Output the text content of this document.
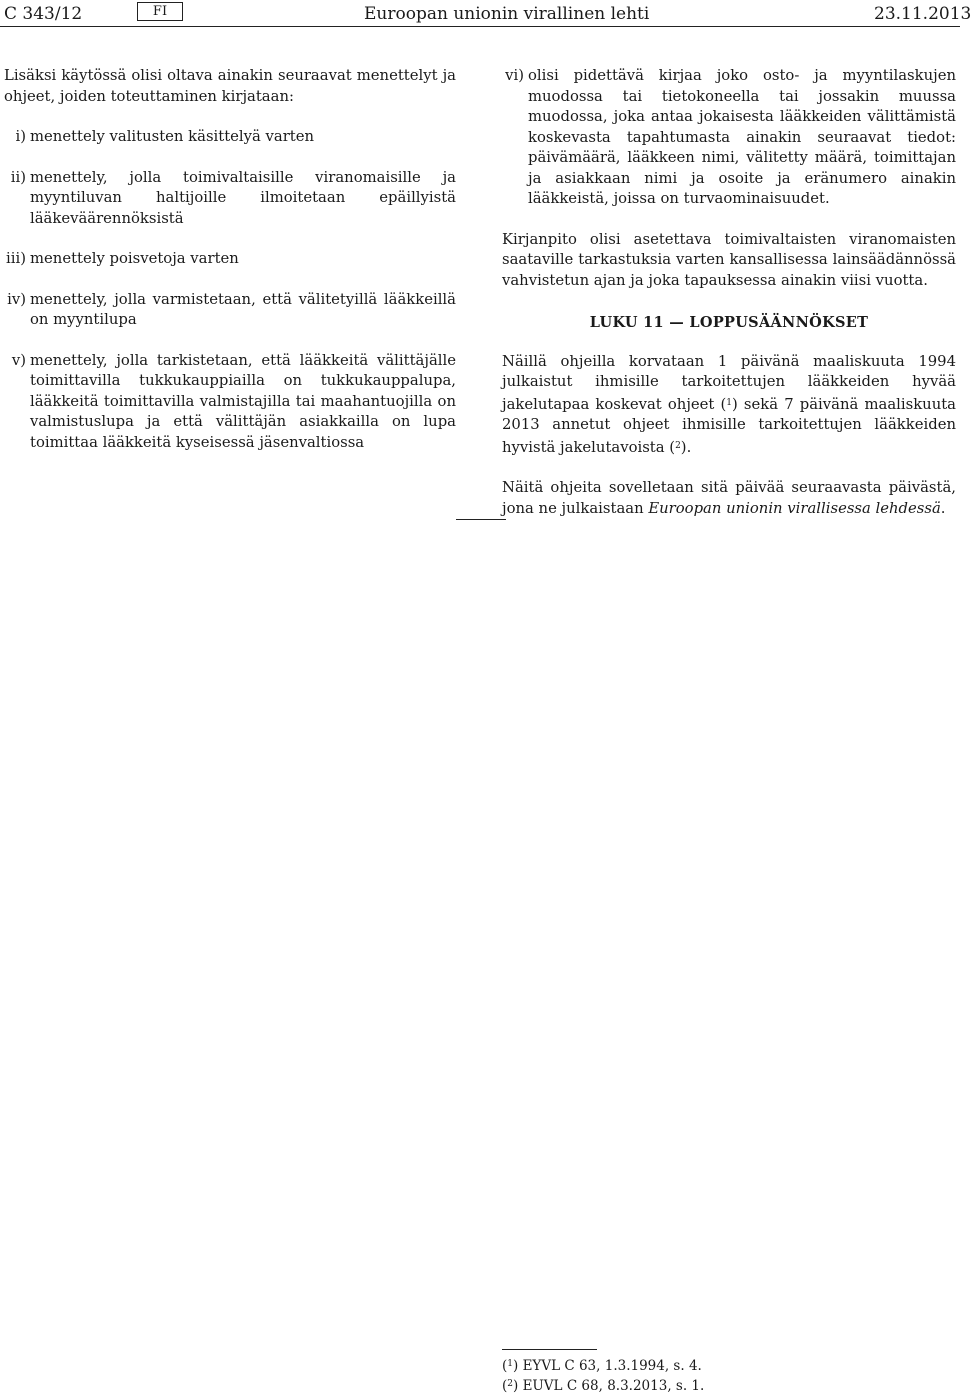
C 343/12	FI	Euroopan unionin virallinen lehti	23.11.2013

Lisäksi käytössä olisi oltava ainakin seuraavat menettelyt ja ohjeet, joiden toteuttaminen kirjataan:

i) menettely valitusten käsittelyä varten
ii) menettely, jolla toimivaltaisille viranomaisille ja myyntiluvan haltijoille ilmoitetaan epäillyistä lääkeväärennöksistä
iii) menettely poisvetoja varten
iv) menettely, jolla varmistetaan, että välitetyillä lääkkeillä on myyntilupa
v) menettely, jolla tarkistetaan, että lääkkeitä välittäjälle toimittavilla tukkukauppiailla on tukkukauppalupa, lääkkeitä toimittavilla valmistajilla tai maahantuojilla on valmistuslupa ja että välittäjän asiakkailla on lupa toimittaa lääkkeitä kyseisessä jäsenvaltiossa
vi) olisi pidettävä kirjaa joko osto- ja myyntilaskujen muodossa tai tietokoneella tai jossakin muussa muodossa, joka antaa jokaisesta lääkkeiden välittämistä koskevasta tapahtumasta ainakin seuraavat tiedot: päivämäärä, lääkkeen nimi, välitetty määrä, toimittajan ja asiakkaan nimi ja osoite ja eränumero ainakin lääkkeistä, joissa on turvaominaisuudet.

Kirjanpito olisi asetettava toimivaltaisten viranomaisten saataville tarkastuksia varten kansallisessa lainsäädännössä vahvistetun ajan ja joka tapauksessa ainakin viisi vuotta.

LUKU 11 — LOPPUSÄÄNNÖKSET

Näillä ohjeilla korvataan 1 päivänä maaliskuuta 1994 julkaistut ihmisille tarkoitettujen lääkkeiden hyvää jakelutapaa koskevat ohjeet ($^1$) sekä 7 päivänä maaliskuuta 2013 annetut ohjeet ihmisille tarkoitettujen lääkkeiden hyvistä jakelutavoista ($^2$).

Näitä ohjeita sovelletaan sitä päivää seuraavasta päivästä, jona ne julkaistaan Euroopan unionin virallisessa lehdessä.

($^1$) EYVL C 63, 1.3.1994, s. 4.
($^2$) EUVL C 68, 8.3.2013, s. 1.
